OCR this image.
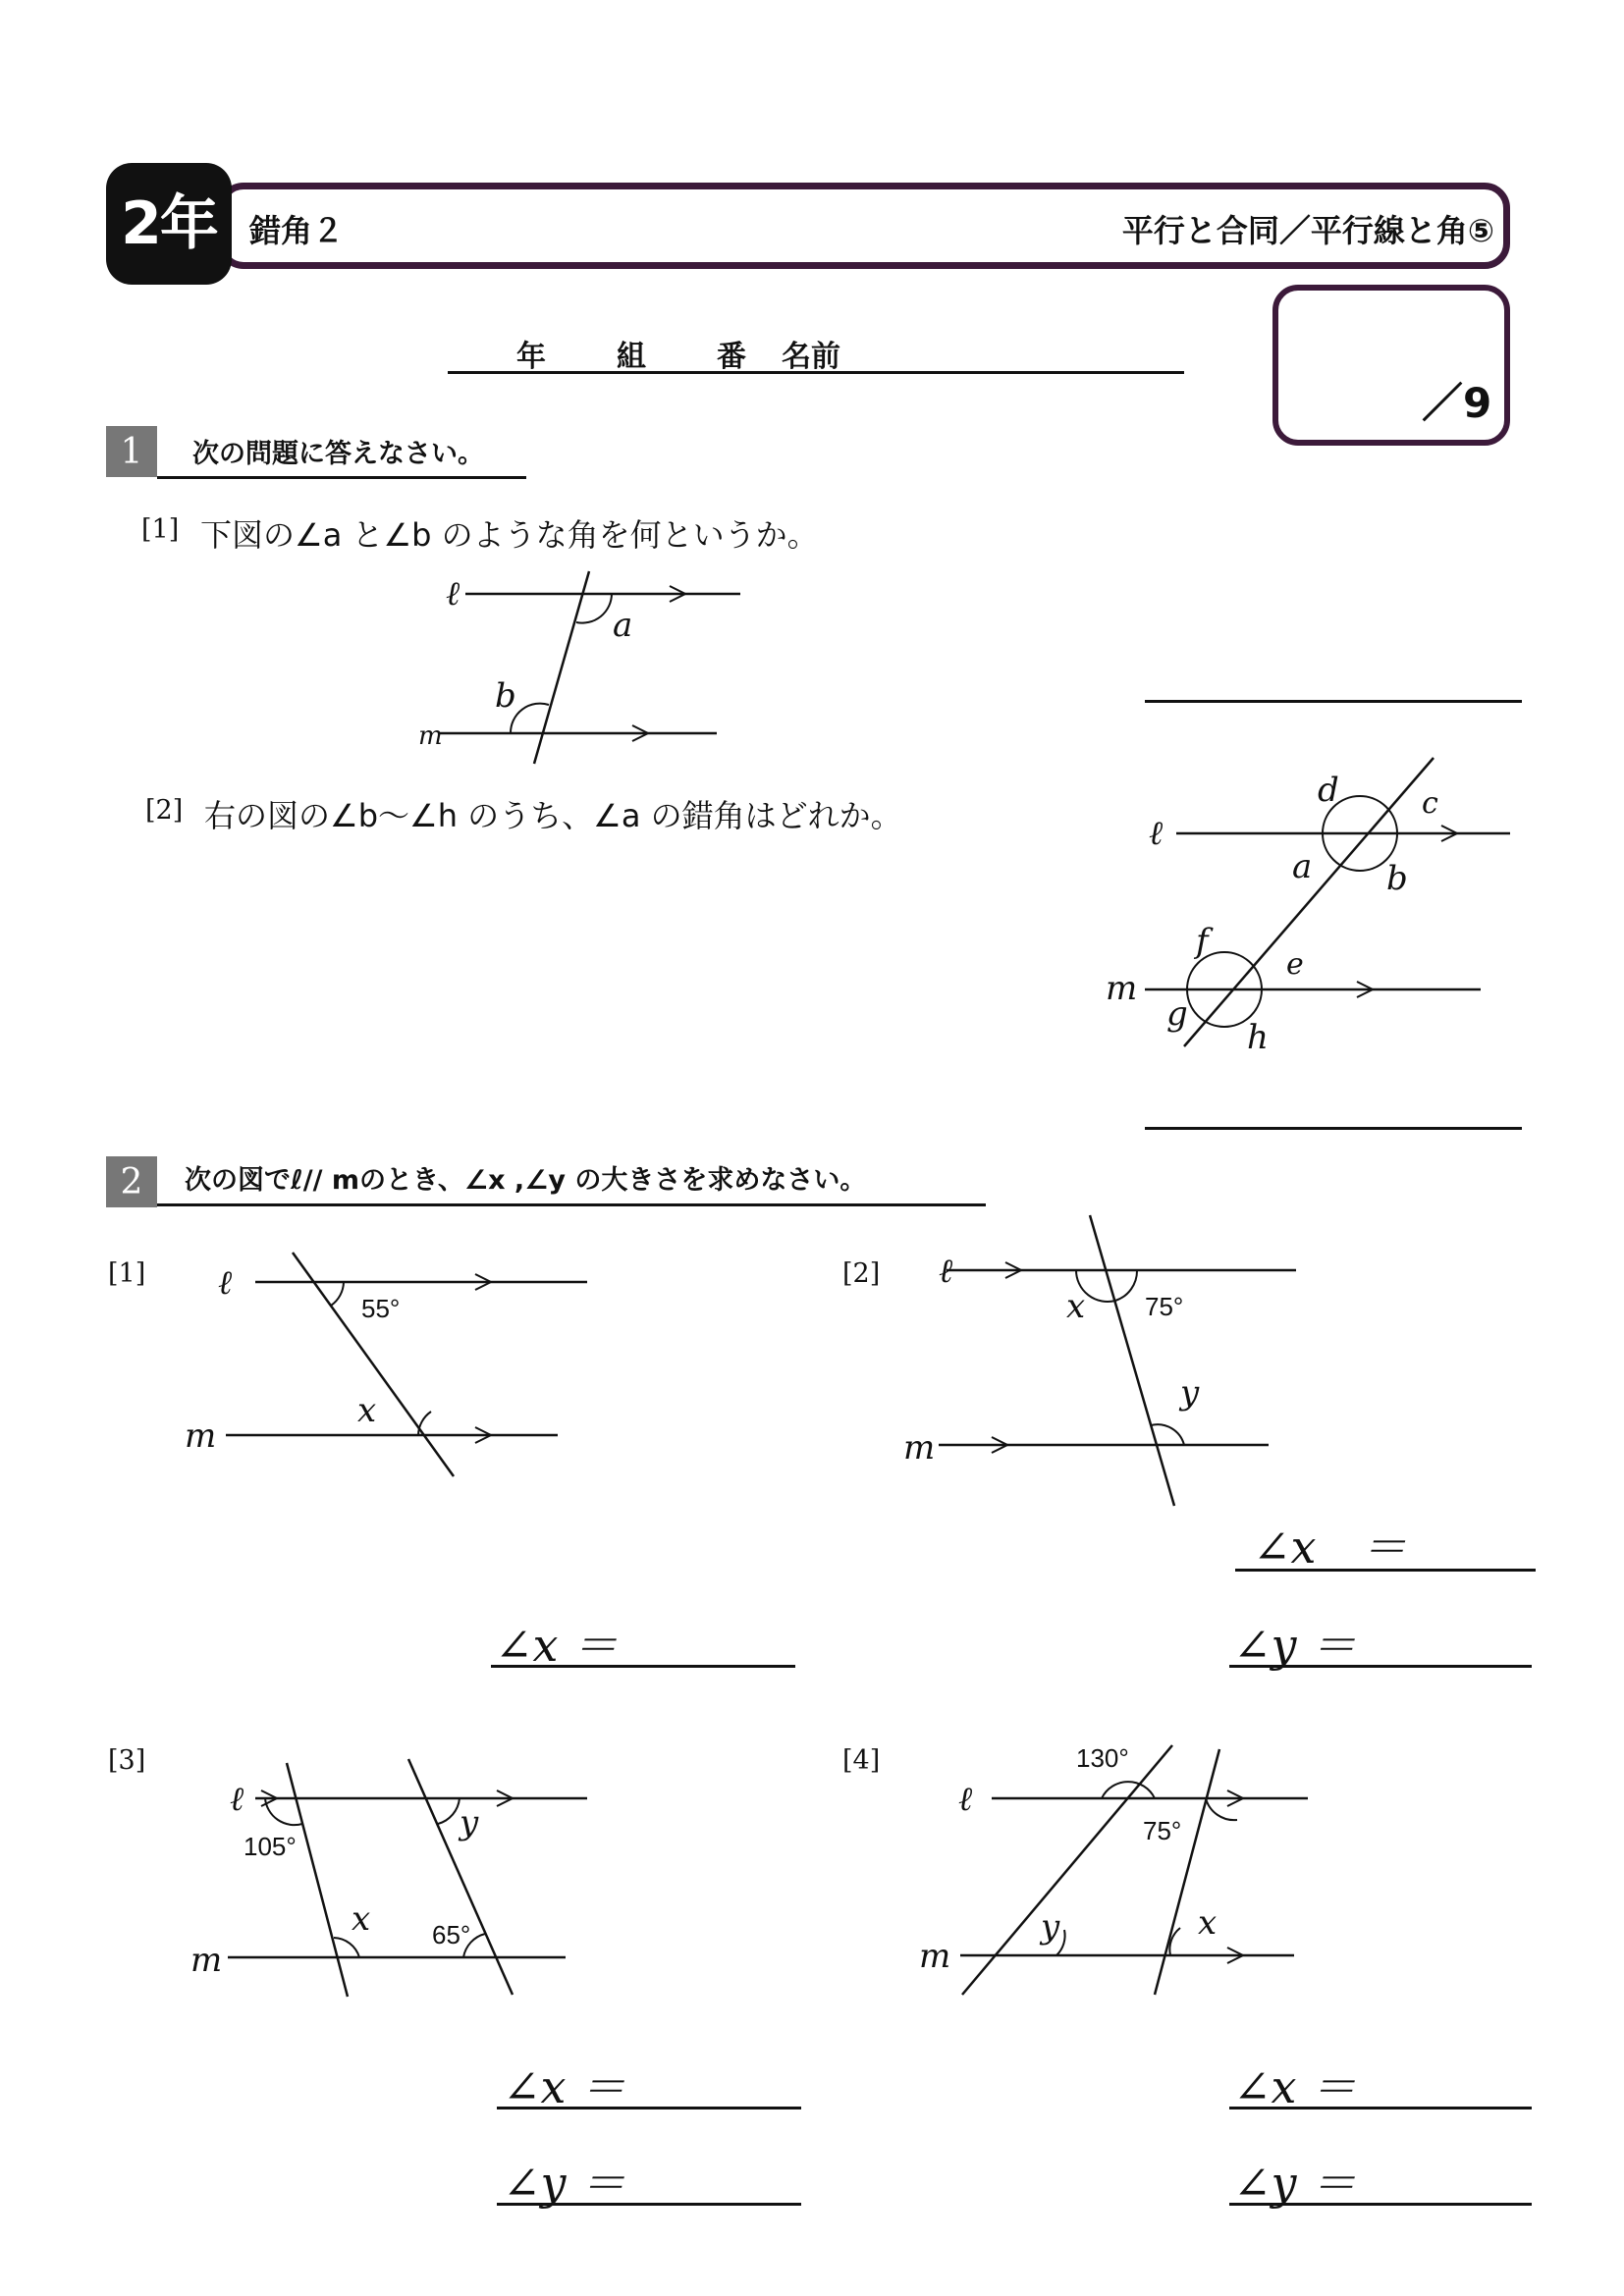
2年	錯角２	平行と合同／平行線と角⑤
／9
年 組 番 名前
1	次の問題に答えなさい。
[1] 下図の∠a と∠b のような角を何というか。
ℓ
m
a
b
[2] 右の図の∠b〜∠h のうち、∠a の錯角はどれか。	ℓ
m
d	c
a b
f
e
g
h
2	次の図でℓ// mのとき、∠x ,∠y の大きさを求めなさい。
[1] ℓ
m
55°
x
∠x ＝
[2] ℓ
m
x 75°
y
∠x　＝
∠y ＝
[3]
ℓ
m
105°
y
x 65°
∠x ＝
∠y ＝
[4]
ℓ
m
130°
75°
y	x
∠x ＝
∠y ＝
